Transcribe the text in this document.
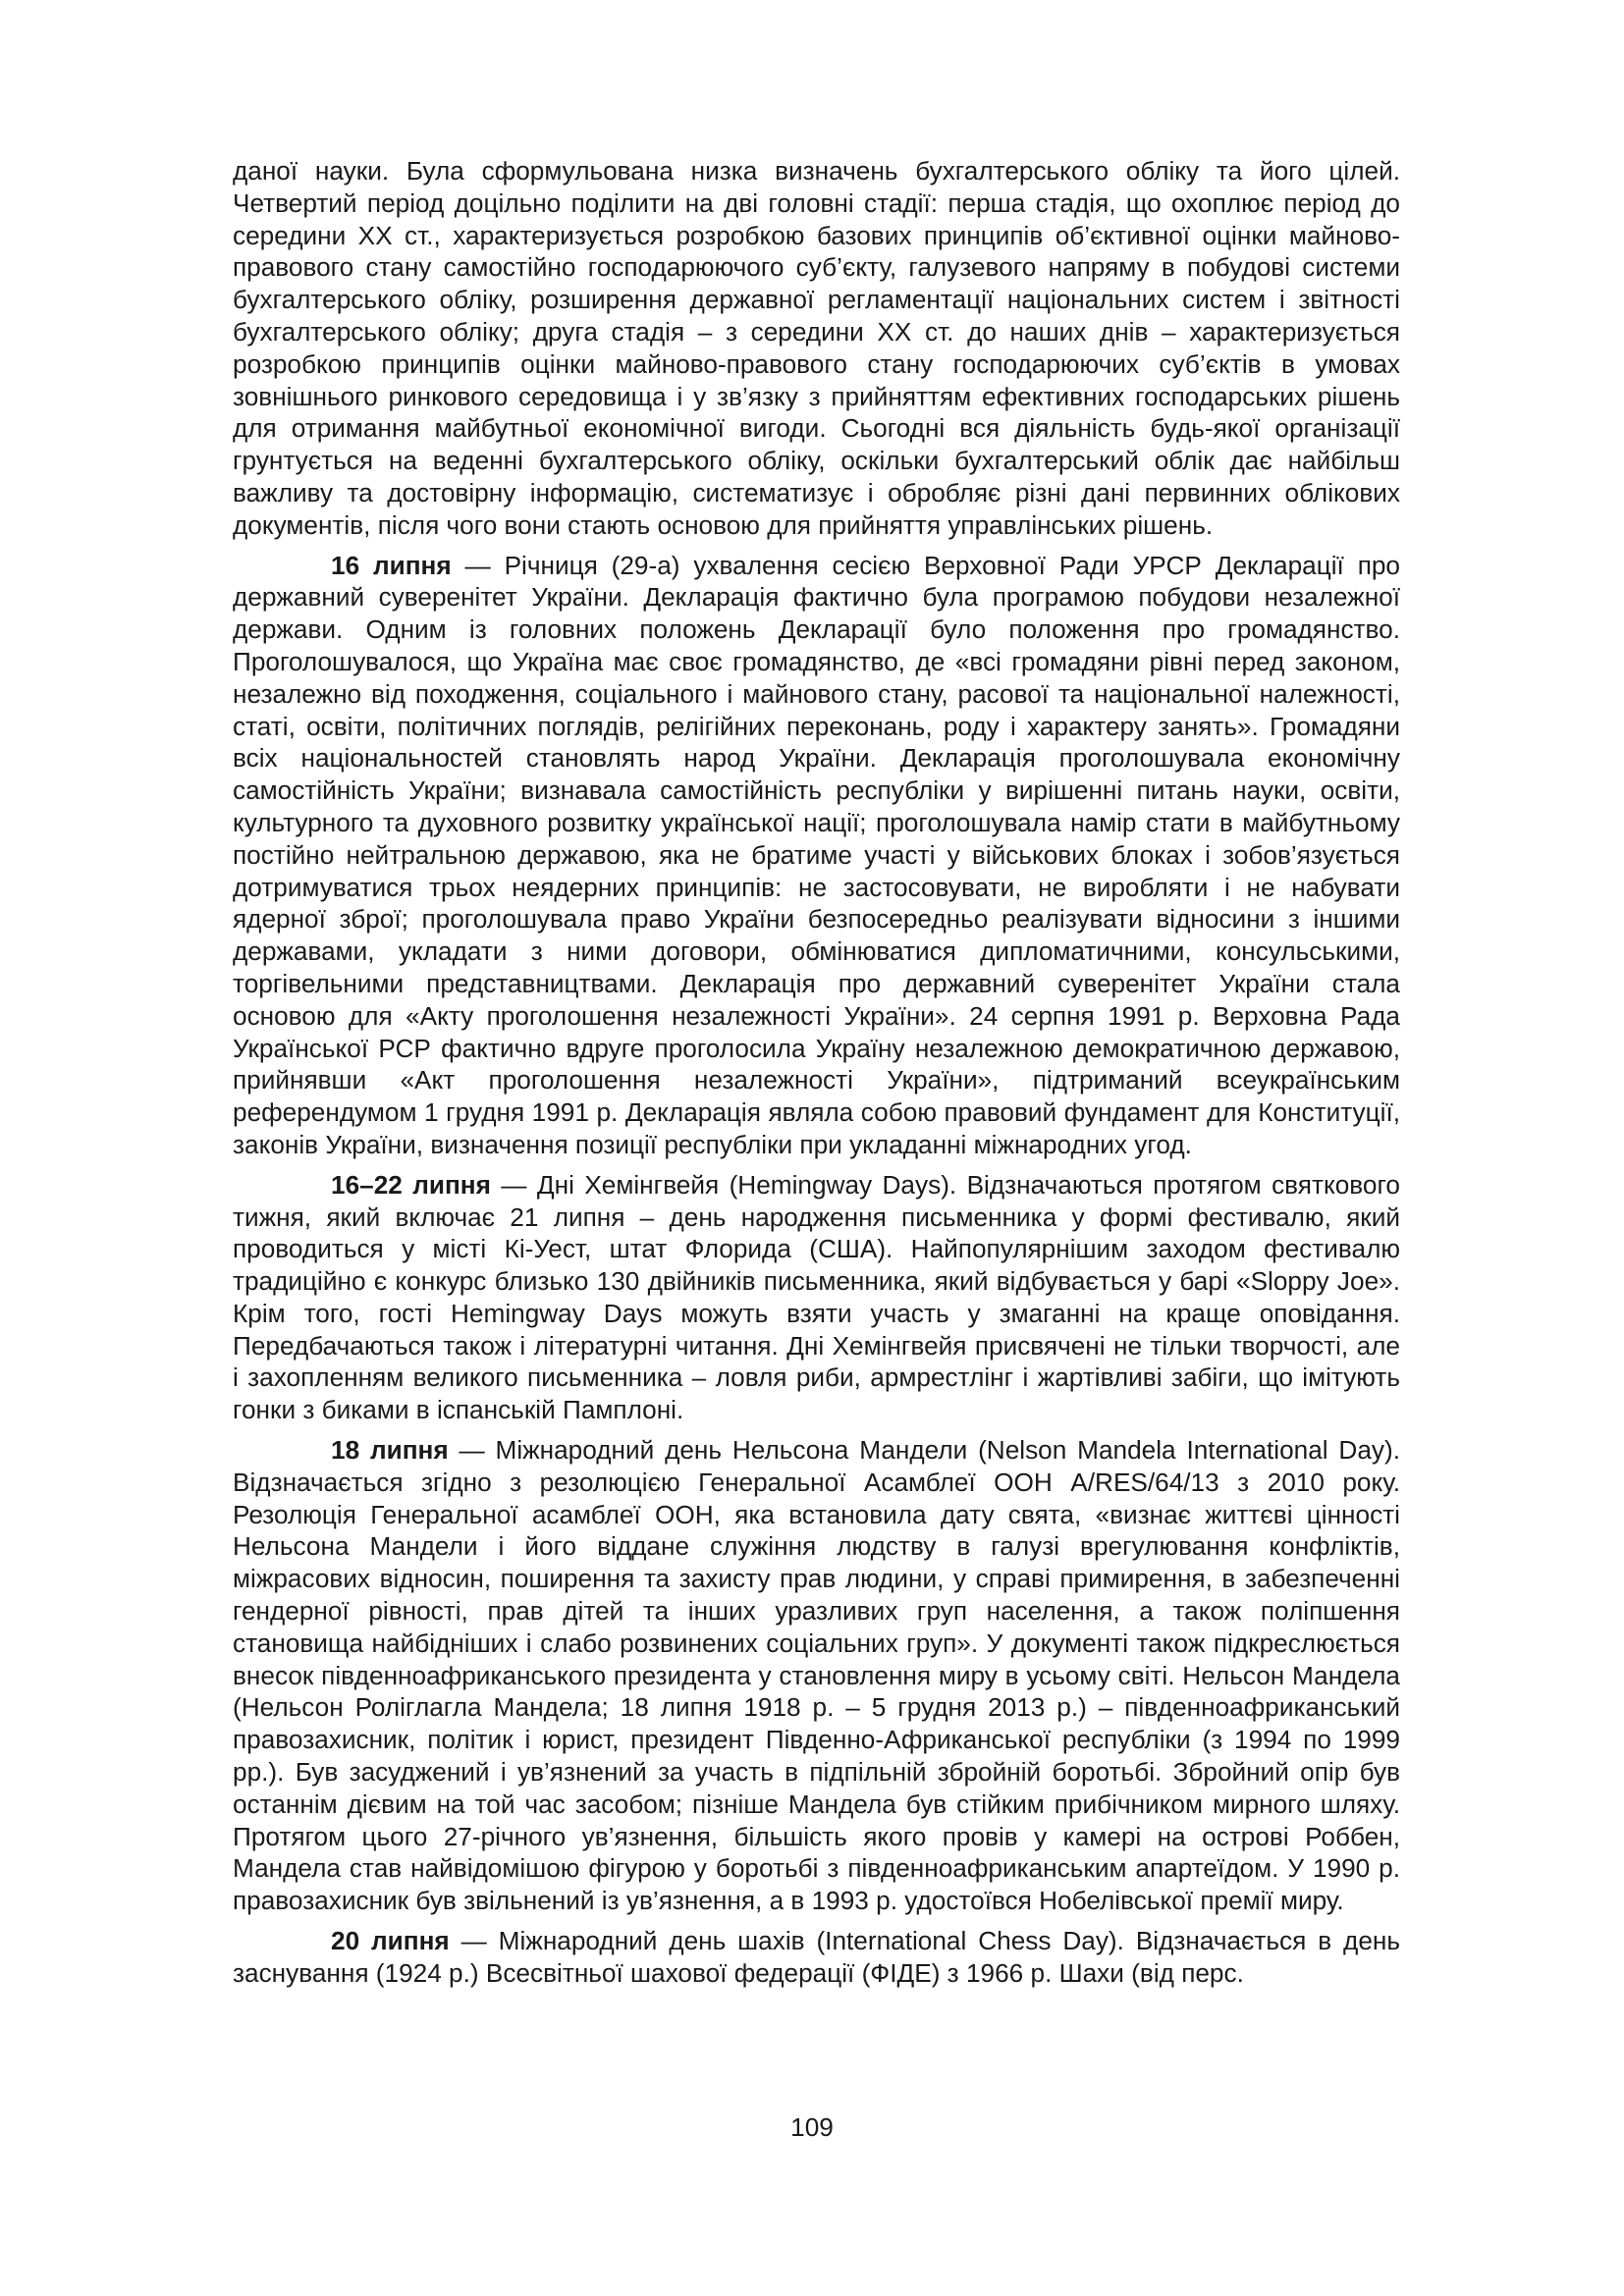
даної науки. Була сформульована низка визначень бухгалтерського обліку та його цілей. Четвертий період доцільно поділити на дві головні стадії: перша стадія, що охоплює період до середини XX ст., характеризується розробкою базових принципів об’єктивної оцінки майново-правового стану самостійно господарюючого суб’єкту, галузевого напряму в побудові системи бухгалтерського обліку, розширення державної регламентації національних систем і звітності бухгалтерського обліку; друга стадія – з середини XX ст. до наших днів – характеризується розробкою принципів оцінки майново-правового стану господарюючих суб’єктів в умовах зовнішнього ринкового середовища і у зв’язку з прийняттям ефективних господарських рішень для отримання майбутньої економічної вигоди. Сьогодні вся діяльність будь-якої організації грунтується на веденні бухгалтерського обліку, оскільки бухгалтерський облік дає найбільш важливу та достовірну інформацію, систематизує і обробляє різні дані первинних облікових документів, після чого вони стають основою для прийняття управлінських рішень.

16 липня — Річниця (29-а) ухвалення сесією Верховної Ради УРСР Декларації про державний суверенітет України. Декларація фактично була програмою побудови незалежної держави. Одним із головних положень Декларації було положення про громадянство. Проголошувалося, що Україна має своє громадянство, де «всі громадяни рівні перед законом, незалежно від походження, соціального і майнового стану, расової та національної належності, статі, освіти, політичних поглядів, релігійних переконань, роду і характеру занять». Громадяни всіх національностей становлять народ України. Декларація проголошувала економічну самостійність України; визнавала самостійність республіки у вирішенні питань науки, освіти, культурного та духовного розвитку української нації; проголошувала намір стати в майбутньому постійно нейтральною державою, яка не братиме участі у військових блоках і зобов’язується дотримуватися трьох неядерних принципів: не застосовувати, не виробляти і не набувати ядерної зброї; проголошувала право України безпосередньо реалізувати відносини з іншими державами, укладати з ними договори, обмінюватися дипломатичними, консульськими, торгівельними представництвами. Декларація про державний суверенітет України стала основою для «Акту проголошення незалежності України». 24 серпня 1991 р. Верховна Рада Української РСР фактично вдруге проголосила Україну незалежною демократичною державою, прийнявши «Акт проголошення незалежності України», підтриманий всеукраїнським референдумом 1 грудня 1991 р. Декларація являла собою правовий фундамент для Конституції, законів України, визначення позиції республіки при укладанні міжнародних угод.

16–22 липня — Дні Хемінгвейя (Hemingway Days). Відзначаються протягом святкового тижня, який включає 21 липня – день народження письменника у формі фестивалю, який проводиться у місті Кі-Уест, штат Флорида (США). Найпопулярнішим заходом фестивалю традиційно є конкурс близько 130 двійників письменника, який відбувається у барі «Sloppy Joe». Крім того, гості Hemingway Days можуть взяти участь у змаганні на краще оповідання. Передбачаються також і літературні читання. Дні Хемінгвейя присвячені не тільки творчості, але і захопленням великого письменника – ловля риби, армрестлінг і жартівливі забіги, що імітують гонки з биками в іспанській Памплоні.

18 липня — Міжнародний день Нельсона Мандели (Nelson Mandela International Day). Відзначається згідно з резолюцією Генеральної Асамблеї ООН A/RES/64/13 з 2010 року. Резолюція Генеральної асамблеї ООН, яка встановила дату свята, «визнає життєві цінності Нельсона Мандели і його віддане служіння людству в галузі врегулювання конфліктів, міжрасових відносин, поширення та захисту прав людини, у справі примирення, в забезпеченні гендерної рівності, прав дітей та інших уразливих груп населення, а також поліпшення становища найбідніших і слабо розвинених соціальних груп». У документі також підкреслюється внесок південноафриканського президента у становлення миру в усьому світі. Нельсон Мандела (Нельсон Роліглагла Мандела; 18 липня 1918 р. – 5 грудня 2013 р.) – південноафриканський правозахисник, політик і юрист, президент Південно-Африканської республіки (з 1994 по 1999 рр.). Був засуджений і ув’язнений за участь в підпільній збройній боротьбі. Збройний опір був останнім дієвим на той час засобом; пізніше Мандела був стійким прибічником мирного шляху. Протягом цього 27-річного ув’язнення, більшість якого провів у камері на острові Роббен, Мандела став найвідомішою фігурою у боротьбі з південноафриканським апартеїдом. У 1990 р. правозахисник був звільнений із ув’язнення, а в 1993 р. удостоївся Нобелівської премії миру.

20 липня — Міжнародний день шахів (International Chess Day). Відзначається в день заснування (1924 р.) Всесвітньої шахової федерації (ФІДЕ) з 1966 р. Шахи (від перс.

109
